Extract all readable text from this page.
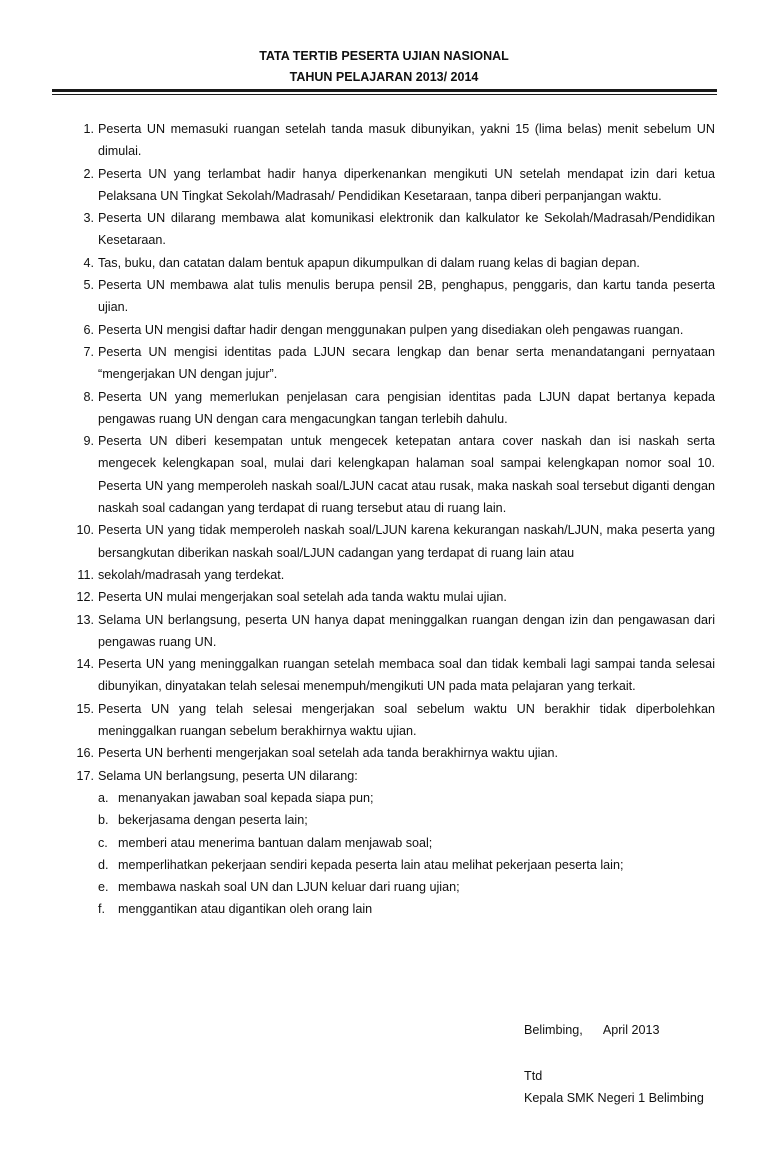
TATA TERTIB PESERTA UJIAN NASIONAL
TAHUN PELAJARAN 2013/ 2014
1. Peserta UN memasuki ruangan setelah tanda masuk dibunyikan, yakni 15 (lima belas) menit sebelum UN dimulai.
2. Peserta UN yang terlambat hadir hanya diperkenankan mengikuti UN setelah mendapat izin dari ketua Pelaksana UN Tingkat Sekolah/Madrasah/ Pendidikan Kesetaraan, tanpa diberi perpanjangan waktu.
3. Peserta UN dilarang membawa alat komunikasi elektronik dan kalkulator ke Sekolah/Madrasah/Pendidikan Kesetaraan.
4. Tas, buku, dan catatan dalam bentuk apapun dikumpulkan di dalam ruang kelas di bagian depan.
5. Peserta UN membawa alat tulis menulis berupa pensil 2B, penghapus, penggaris, dan kartu tanda peserta ujian.
6. Peserta UN mengisi daftar hadir dengan menggunakan pulpen yang disediakan oleh pengawas ruangan.
7. Peserta UN mengisi identitas pada LJUN secara lengkap dan benar serta menandatangani pernyataan “mengerjakan UN dengan jujur”.
8. Peserta UN yang memerlukan penjelasan cara pengisian identitas pada LJUN dapat bertanya kepada pengawas ruang UN dengan cara mengacungkan tangan terlebih dahulu.
9. Peserta UN diberi kesempatan untuk mengecek ketepatan antara cover naskah dan isi naskah serta mengecek kelengkapan soal, mulai dari kelengkapan halaman soal sampai kelengkapan nomor soal 10. Peserta UN yang memperoleh naskah soal/LJUN cacat atau rusak, maka naskah soal tersebut diganti dengan naskah soal cadangan yang terdapat di ruang tersebut atau di ruang lain.
10. Peserta UN yang tidak memperoleh naskah soal/LJUN karena kekurangan naskah/LJUN, maka peserta yang bersangkutan diberikan naskah soal/LJUN cadangan yang terdapat di ruang lain atau
11. sekolah/madrasah yang terdekat.
12. Peserta UN mulai mengerjakan soal setelah ada tanda waktu mulai ujian.
13. Selama UN berlangsung, peserta UN hanya dapat meninggalkan ruangan dengan izin dan pengawasan dari pengawas ruang UN.
14. Peserta UN yang meninggalkan ruangan setelah membaca soal dan tidak kembali lagi sampai tanda selesai dibunyikan, dinyatakan telah selesai menempuh/mengikuti UN pada mata pelajaran yang terkait.
15. Peserta UN yang telah selesai mengerjakan soal sebelum waktu UN berakhir tidak diperbolehkan meninggalkan ruangan sebelum berakhirnya waktu ujian.
16. Peserta UN berhenti mengerjakan soal setelah ada tanda berakhirnya waktu ujian.
17. Selama UN berlangsung, peserta UN dilarang:
a. menanyakan jawaban soal kepada siapa pun;
b. bekerjasama dengan peserta lain;
c. memberi atau menerima bantuan dalam menjawab soal;
d. memperlihatkan pekerjaan sendiri kepada peserta lain atau melihat pekerjaan peserta lain;
e. membawa naskah soal UN dan LJUN keluar dari ruang ujian;
f.	menggantikan atau digantikan oleh orang lain
Belimbing, April 2013
Ttd
Kepala SMK Negeri 1 Belimbing
